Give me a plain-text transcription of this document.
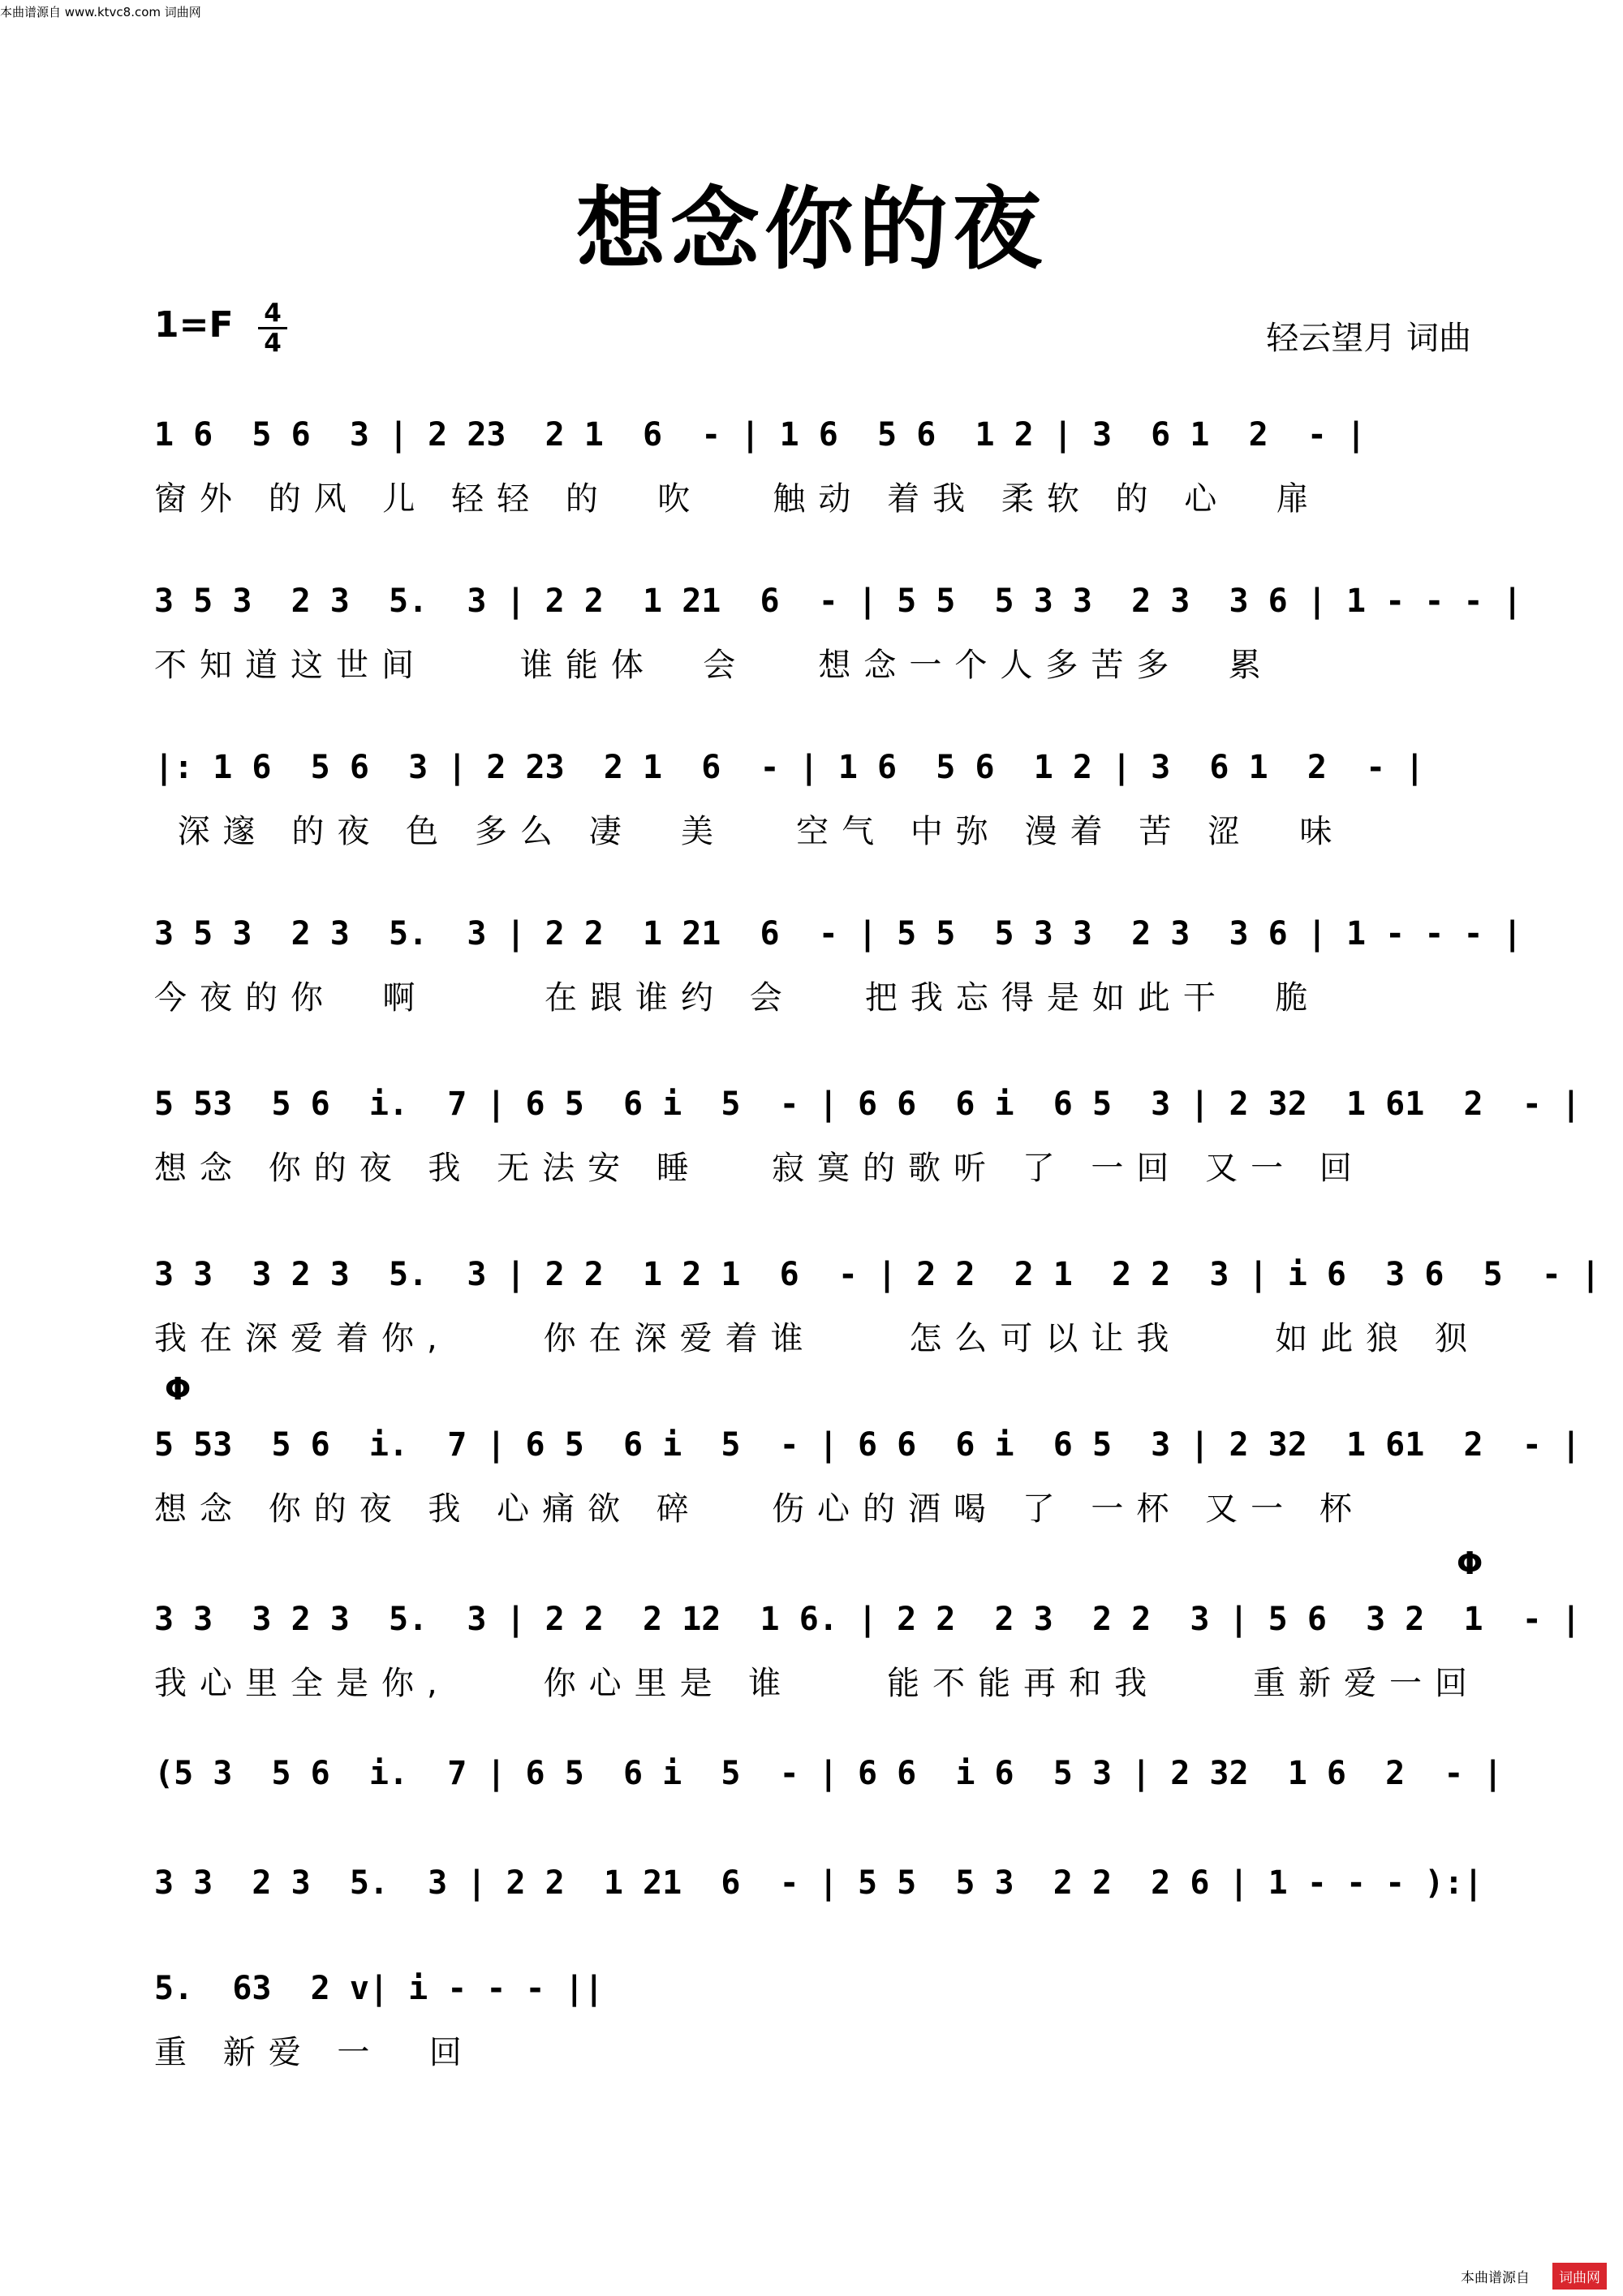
本曲谱源自 www.ktvc8.com 词曲网
想念你的夜
1=F 4
4	轻云望月 词曲
1 6  5 6  3 | 2 23  2 1  6  - | 1 6  5 6  1 2 | 3  6 1  2  - |
窗外 的风 儿 轻轻 的  吹   触动 着我 柔软 的 心  扉
3 5 3  2 3  5.  3 | 2 2  1 21  6  - | 5 5  5 3 3  2 3  3 6 | 1 - - - |
不知道这世间    谁能体  会   想念一个人多苦多  累
|: 1 6  5 6  3 | 2 23  2 1  6  - | 1 6  5 6  1 2 | 3  6 1  2  - |
深邃 的夜 色 多么 凄  美   空气 中弥 漫着 苦 涩  味
3 5 3  2 3  5.  3 | 2 2  1 21  6  - | 5 5  5 3 3  2 3  3 6 | 1 - - - |
今夜的你  啊     在跟谁约 会   把我忘得是如此干  脆
5 53  5 6  i.  7 | 6 5  6 i  5  - | 6 6  6 i  6 5  3 | 2 32  1 61  2  - |
想念 你的夜 我 无法安 睡   寂寞的歌听 了 一回 又一 回
3 3  3 2 3  5.  3 | 2 2  1 2 1  6  - | 2 2  2 1  2 2  3 | i 6  3 6  5  - |
我在深爱着你,    你在深爱着谁    怎么可以让我    如此狼 狈
Φ
5 53  5 6  i.  7 | 6 5  6 i  5  - | 6 6  6 i  6 5  3 | 2 32  1 61  2  - |
想念 你的夜 我 心痛欲 碎   伤心的酒喝 了 一杯 又一 杯
Φ
3 3  3 2 3  5.  3 | 2 2  2 12  1 6. | 2 2  2 3  2 2  3 | 5 6  3 2  1  - |
我心里全是你,    你心里是 谁    能不能再和我    重新爱一回
(5 3  5 6  i.  7 | 6 5  6 i  5  - | 6 6  i 6  5 3 | 2 32  1 6  2  - |
3 3  2 3  5.  3 | 2 2  1 21  6  - | 5 5  5 3  2 2  2 6 | 1 - - - ):|
5.  63  2 v| i - - - ||
重 新爱 一  回
本曲谱源自	词曲网
